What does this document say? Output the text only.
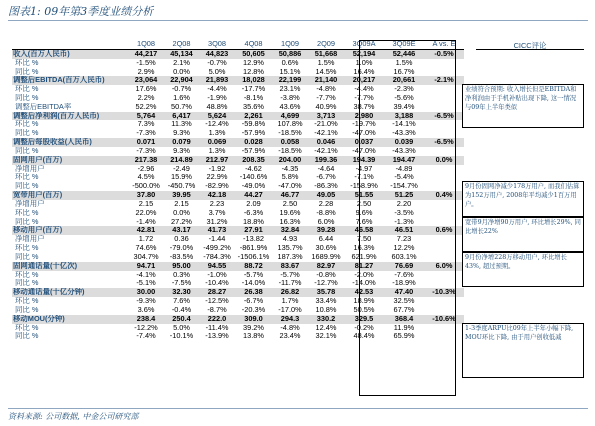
图表1: 09年第3季度业绩分析
	1Q08	2Q08	3Q08	4Q08	1Q09	2Q09	3Q09A	3Q09E	A vs. E
收入(百万人民币)	44,217	45,134	44,823	50,605	50,886	51,668	52,194	52,446	-0.5%
环比 %	-1.5%	2.1%	-0.7%	12.9%	0.6%	1.5%	1.0%	1.5%	
同比 %	2.9%	0.0%	5.0%	12.8%	15.1%	14.5%	16.4%	16.7%	
调整后EBITDA(百万人民币)	23,064	22,904	21,893	18,028	22,199	21,140	20,217	20,661	-2.1%
环比 %	17.6%	-0.7%	-4.4%	-17.7%	23.1%	-4.8%	-4.4%	-2.3%	
同比 %	2.2%	1.6%	-1.9%	-8.1%	-3.8%	-7.7%	-7.7%	-5.6%	
调整后EBITDA率	52.2%	50.7%	48.8%	35.6%	43.6%	40.9%	38.7%	39.4%	
调整后净利润(百万人民币)	5,764	6,417	5,624	2,261	4,699	3,713	2,980	3,188	-6.5%
环比 %	7.3%	11.3%	-12.4%	-59.8%	107.8%	-21.0%	-19.7%	-14.1%	
同比 %	-7.3%	9.3%	1.3%	-57.9%	-18.5%	-42.1%	-47.0%	-43.3%	
调整后每股收益(人民币)	0.071	0.079	0.069	0.028	0.058	0.046	0.037	0.039	-6.5%
同比 %	-7.3%	9.3%	1.3%	-57.9%	-18.5%	-42.1%	-47.0%	-43.3%	
固网用户(百万)	217.38	214.89	212.97	208.35	204.00	199.36	194.39	194.47	0.0%
净增用户	-2.96	-2.49	-1.92	-4.62	-4.35	-4.64	-4.97	-4.89	
环比 %	4.5%	15.9%	22.9%	-140.6%	5.8%	-6.7%	-7.1%	-5.4%	
同比 %	-500.0%	-450.7%	-82.9%	-49.0%	-47.0%	-86.3%	-158.9%	-154.7%	
宽带用户(百万)	37.80	39.95	42.18	44.27	46.77	49.05	51.55	51.25	0.4%
净增用户	2.15	2.15	2.23	2.09	2.50	2.28	2.50	2.20	
环比 %	22.0%	0.0%	3.7%	-6.3%	19.6%	-8.8%	9.6%	-3.5%	
同比 %	-1.4%	27.2%	31.2%	18.8%	16.3%	6.0%	7.6%	-1.3%	
移动用户(百万)	42.81	43.17	41.73	27.91	32.84	39.28	46.58	46.51	0.6%
净增用户	1.72	0.36	-1.44	-13.82	4.93	6.44	7.50	7.23	
环比 %	74.6%	-79.0%	-499.2%	-861.9%	135.7%	30.6%	16.3%	12.2%	
同比 %	304.7%	-83.5%	-784.3%	-1506.1%	187.3%	1689.9%	621.9%	603.1%	
固网通话量(十亿次)	94.71	95.00	94.55	88.72	83.67	82.97	81.27	76.69	6.0%
环比 %	-4.1%	0.3%	-1.0%	-5.7%	-5.7%	-0.8%	-2.0%	-7.6%	
同比 %	-5.1%	-7.5%	-10.4%	-14.0%	-11.7%	-12.7%	-14.0%	-18.9%	
移动通话量(十亿分钟)	30.00	32.30	28.27	26.38	26.82	35.78	42.53	47.40	-10.3%
环比 %	-9.3%	7.6%	-12.5%	-6.7%	1.7%	33.4%	18.9%	32.5%	
同比 %	3.6%	-0.4%	-8.7%	-20.3%	-17.0%	10.8%	50.5%	67.7%	
移动MOU(分钟)	238.4	250.4	222.0	309.0	294.3	330.2	329.5	368.4	-10.6%
环比 %	-12.2%	5.0%	-11.4%	39.2%	-4.8%	12.4%	-0.2%	11.9%	
同比 %	-7.4%	-10.1%	-13.9%	13.8%	23.4%	32.1%	48.4%	65.9%	
CICC评论
业绩符合预期: 收入增长但是EBITDA和净利润由于手机补贴出现下降, 这一情况与09年上半年类似
9月份固网净减少178万用户, 而我们估算为152万用户, 2008年平均减少1百万用户。
宽带9月净增90万用户, 环比增长29%, 同比增长22%
9月份净增228万移动用户, 环比增长43%, 超过预期。
1-3季度ARPU比09年上半年小幅下降, MOU环比下降, 由于用户创收低减
资料来源: 公司数据, 中金公司研究部
